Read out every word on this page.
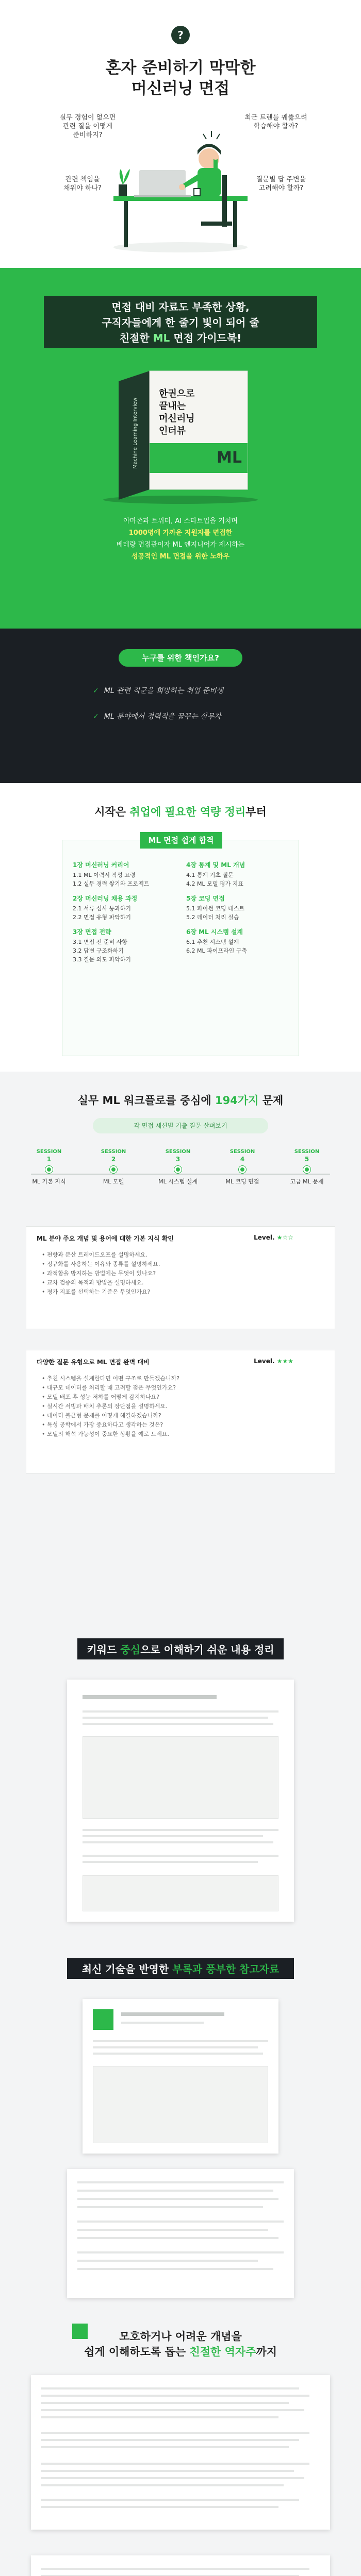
?
혼자 준비하기 막막한
머신러닝 면접
실무 경험이 없으면
관련 질을 어떻게
준비하지?
최근 트렌를 꿰뚫으려
학습해야 할까?
관련 책임을
채워야 하나?
질문별 답 주변을
고려해야 할까?
면접 대비 자료도 부족한 상황,
구직자들에게 한 줄기 빛이 되어 줄
친절한 ML 면접 가이드북!
한권으로
끝내는
머신러닝
인터뷰
ML
Machine Learning Interview
아마존과 트위터, AI 스타트업을 거치며
1000명에 가까운 지원자를 면접한
베테랑 면접관이자 ML 엔지니어가 제시하는
성공적인 ML 면접을 위한 노하우
누구를 위한 책인가요?
✓ ML 관련 직군을 희망하는 취업 준비생
✓ ML 분야에서 경력직을 꿈꾸는 실무자
시작은 취업에 필요한 역량 정리부터
ML 면접 쉽게 합격
1장 머신러닝 커리어
1.1 ML 이력서 작성 요령
1.2 실무 경력 쌓기와 프로젝트
2장 머신러닝 채용 과정
2.1 서류 심사 통과하기
2.2 면접 유형 파악하기
3장 면접 전략
3.1 면접 전 준비 사항
3.2 답변 구조화하기
3.3 질문 의도 파악하기
4장 통계 및 ML 개념
4.1 통계 기초 질문
4.2 ML 모델 평가 지표
5장 코딩 면접
5.1 파이썬 코딩 테스트
5.2 데이터 처리 실습
6장 ML 시스템 설계
6.1 추천 시스템 설계
6.2 ML 파이프라인 구축
실무 ML 워크플로를 중심에 194가지 문제
각 면접 세션별 기출 질문 살펴보기
SESSION
1
ML 기본 지식
SESSION
2
ML 모델
SESSION
3
ML 시스템 설계
SESSION
4
ML 코딩 면접
SESSION
5
고급 ML 문제
ML 분야 주요 개념 및 용어에 대한 기본 지식 확인	Level. ★☆☆
• 편향과 분산 트레이드오프를 설명하세요.
• 정규화를 사용하는 이유와 종류를 설명하세요.
• 과적합을 방지하는 방법에는 무엇이 있나요?
• 교차 검증의 목적과 방법을 설명하세요.
• 평가 지표를 선택하는 기준은 무엇인가요?
다양한 질문 유형으로 ML 면접 완벽 대비	Level. ★★★
• 추천 시스템을 설계한다면 어떤 구조로 만들겠습니까?
• 대규모 데이터를 처리할 때 고려할 점은 무엇인가요?
• 모델 배포 후 성능 저하를 어떻게 감지하나요?
• 실시간 서빙과 배치 추론의 장단점을 설명하세요.
• 데이터 불균형 문제를 어떻게 해결하겠습니까?
• 특성 공학에서 가장 중요하다고 생각하는 것은?
• 모델의 해석 가능성이 중요한 상황을 예로 드세요.
키워드 중심으로 이해하기 쉬운 내용 정리
최신 기술을 반영한 부록과 풍부한 참고자료
모호하거나 어려운 개념을
쉽게 이해하도록 돕는 친절한 역자주까지
